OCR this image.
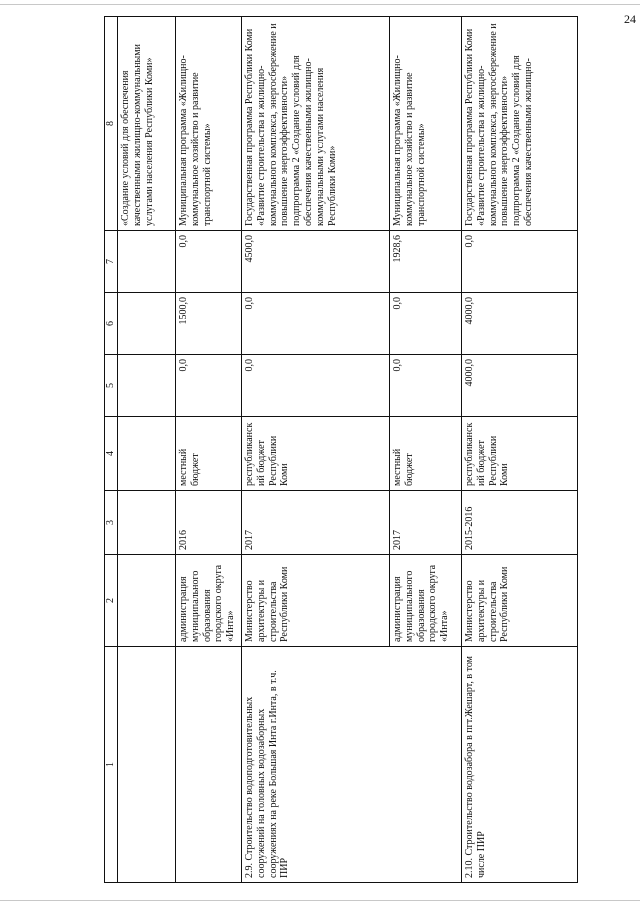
24
1	2	3	4	5	6	7	8
							«Создание условий для обеспечения качественными жилищно-коммунальными услугами населения Республики Коми»
	администрация муниципального образования городского округа «Инта»	2016	местный бюджет	0,0	1500,0	0,0	Муниципальная программа «Жилищно-коммунальное хозяйство и развитие транспортной системы»
2.9. Строительство водоподготовительных сооружений на головных водозаборных сооружениях на реке Большая Инта г.Инта, в т.ч. ПИР	Министерство архитектуры и строительства Республики Коми	2017	республиканский бюджет Республики Коми	0,0	0,0	4500,0	Государственная программа Республики Коми «Развитие строительства и жилищно-коммунального комплекса, энергосбережение и повышение энергоэффективности» подпрограмма 2 «Создание условий для обеспечения качественными жилищно-коммунальными услугами населения Республики Коми»
	администрация муниципального образования городского округа «Инта»	2017	местный бюджет	0,0	0,0	1928,6	Муниципальная программа «Жилищно-коммунальное хозяйство и развитие транспортной системы»
2.10. Строительство водозабора в пгт.Жешарт, в том числе ПИР	Министерство архитектуры и строительства Республики Коми	2015-2016	республиканский бюджет Республики Коми	4000,0	4000,0	0,0	Государственная программа Республики Коми «Развитие строительства и жилищно-коммунального комплекса, энергосбережение и повышение энергоэффективности» подпрограмма 2 «Создание условий для обеспечения качественными жилищно-
